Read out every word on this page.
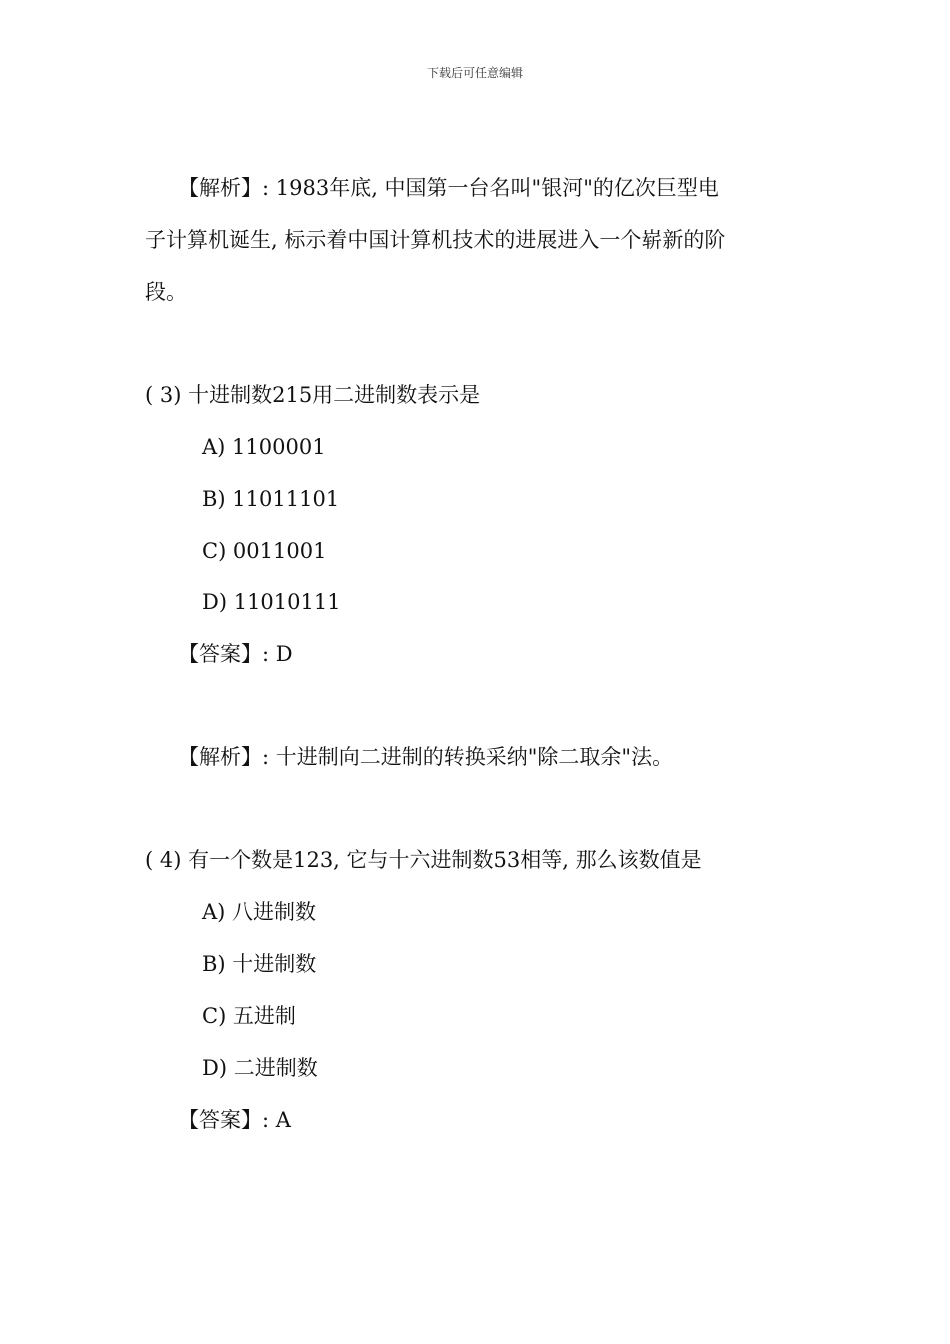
下载后可任意编辑
【解析】: 1983年底, 中国第一台名叫"银河"的亿次巨型电
子计算机诞生, 标示着中国计算机技术的进展进入一个崭新的阶
段。
( 3) 十进制数215用二进制数表示是
A) 1100001
B) 11011101
C) 0011001
D) 11010111
【答案】: D
【解析】: 十进制向二进制的转换采纳"除二取余"法。
( 4) 有一个数是123, 它与十六进制数53相等, 那么该数值是
A) 八进制数
B) 十进制数
C) 五进制
D) 二进制数
【答案】: A
